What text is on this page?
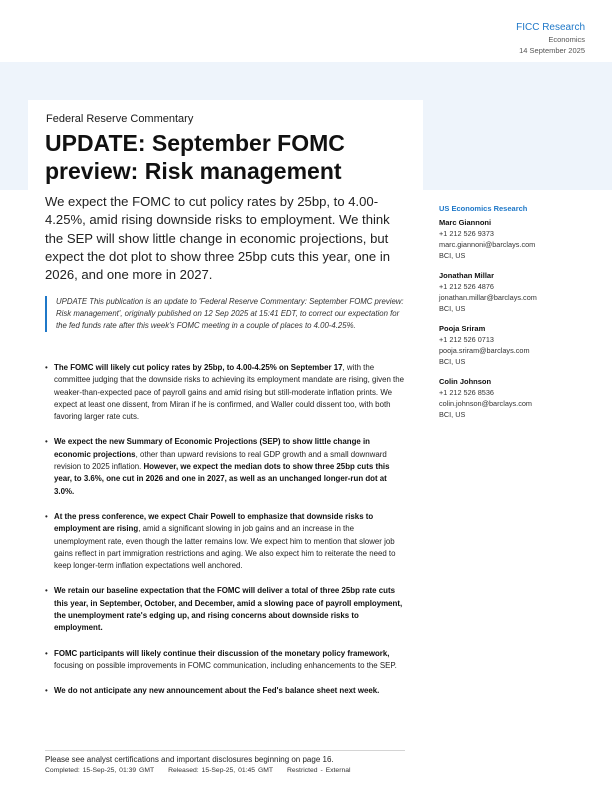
FICC Research
Economics
14 September 2025
Federal Reserve Commentary
UPDATE: September FOMC preview: Risk management

We expect the FOMC to cut policy rates by 25bp, to 4.00-4.25%, amid rising downside risks to employment. We think the SEP will show little change in economic projections, but expect the dot plot to show three 25bp cuts this year, one in 2026, and one more in 2027.

UPDATE This publication is an update to 'Federal Reserve Commentary: September FOMC preview: Risk management', originally published on 12 Sep 2025 at 15:41 EDT, to correct our expectation for the fed funds rate after this week's FOMC meeting in a couple of places to 4.00-4.25%.
• The FOMC will likely cut policy rates by 25bp, to 4.00-4.25% on September 17, with the committee judging that the downside risks to achieving its employment mandate are rising, given the weaker-than-expected pace of payroll gains and amid rising but still-moderate inflation prints. We expect at least one dissent, from Miran if he is confirmed, and Waller could dissent too, with both favoring larger rate cuts.
• We expect the new Summary of Economic Projections (SEP) to show little change in economic projections, other than upward revisions to real GDP growth and a small downward revision to 2025 inflation. However, we expect the median dots to show three 25bp cuts this year, to 3.6%, one cut in 2026 and one in 2027, as well as an unchanged longer-run dot at 3.0%.
• At the press conference, we expect Chair Powell to emphasize that downside risks to employment are rising, amid a significant slowing in job gains and an increase in the unemployment rate, even though the latter remains low. We expect him to mention that slower job gains reflect in part immigration restrictions and aging. We also expect him to reiterate the need to keep longer-term inflation expectations well anchored.
• We retain our baseline expectation that the FOMC will deliver a total of three 25bp rate cuts this year, in September, October, and December, amid a slowing pace of payroll employment, the unemployment rate's edging up, and rising concerns about downside risks to employment.
• FOMC participants will likely continue their discussion of the monetary policy framework, focusing on possible improvements in FOMC communication, including enhancements to the SEP.
• We do not anticipate any new announcement about the Fed's balance sheet next week.
US Economics Research
Marc Giannoni
+1 212 526 9373
marc.giannoni@barclays.com
BCI, US
Jonathan Millar
+1 212 526 4876
jonathan.millar@barclays.com
BCI, US
Pooja Sriram
+1 212 526 0713
pooja.sriram@barclays.com
BCI, US
Colin Johnson
+1 212 526 8536
colin.johnson@barclays.com
BCI, US
Please see analyst certifications and important disclosures beginning on page 16.
Completed: 15-Sep-25, 01:39 GMT Released: 15-Sep-25, 01:45 GMT Restricted - External
